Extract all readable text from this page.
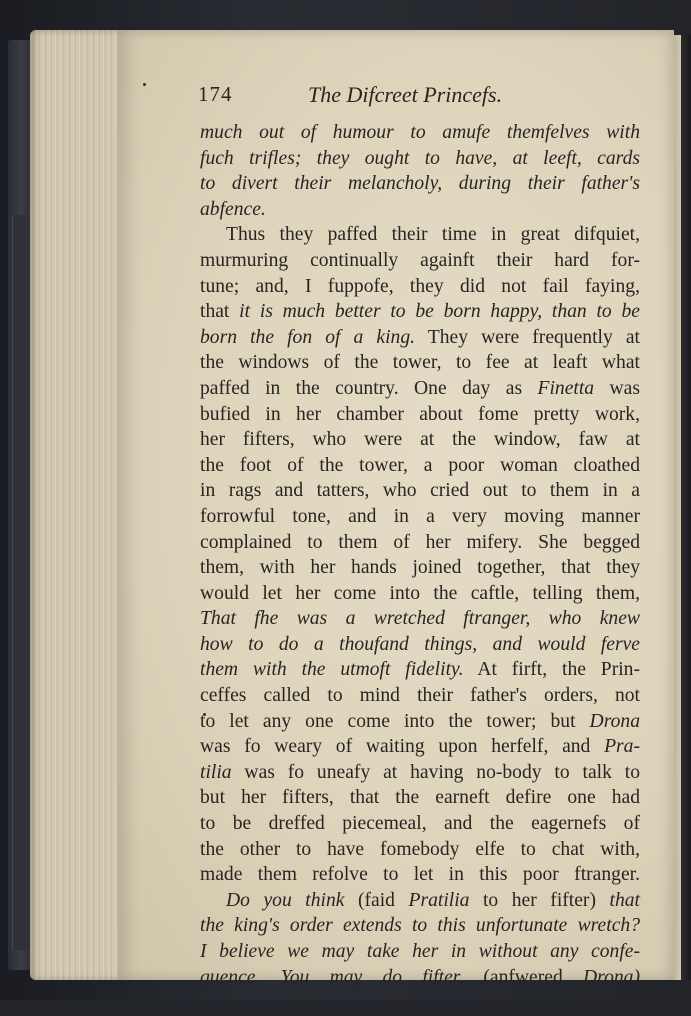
174	The Difcreet Princefs.
much out of humour to amufe themfelves with
fuch trifles; they ought to have, at leeft, cards
to divert their melancholy, during their father's
abfence.
Thus they paffed their time in great difquiet,
murmuring continually againft their hard for-
tune; and, I fuppofe, they did not fail faying,
that it is much better to be born happy, than to be
born the fon of a king. They were frequently at
the windows of the tower, to fee at leaft what
paffed in the country. One day as Finetta was
bufied in her chamber about fome pretty work,
her fifters, who were at the window, faw at
the foot of the tower, a poor woman cloathed
in rags and tatters, who cried out to them in a
forrowful tone, and in a very moving manner
complained to them of her mifery. She begged
them, with her hands joined together, that they
would let her come into the caftle, telling them,
That fhe was a wretched ftranger, who knew
how to do a thoufand things, and would ferve
them with the utmoft fidelity. At firft, the Prin-
ceffes called to mind their father's orders, not
to let any one come into the tower; but Drona
was fo weary of waiting upon herfelf, and Pra-
tilia was fo uneafy at having no-body to talk to
but her fifters, that the earneft defire one had
to be dreffed piecemeal, and the eagernefs of
the other to have fomebody elfe to chat with,
made them refolve to let in this poor ftranger.
Do you think (faid Pratilia to her fifter) that
the king's order extends to this unfortunate wretch?
I believe we may take her in without any confe-
quence. You may do fifter, (anfwered Drona)
what
